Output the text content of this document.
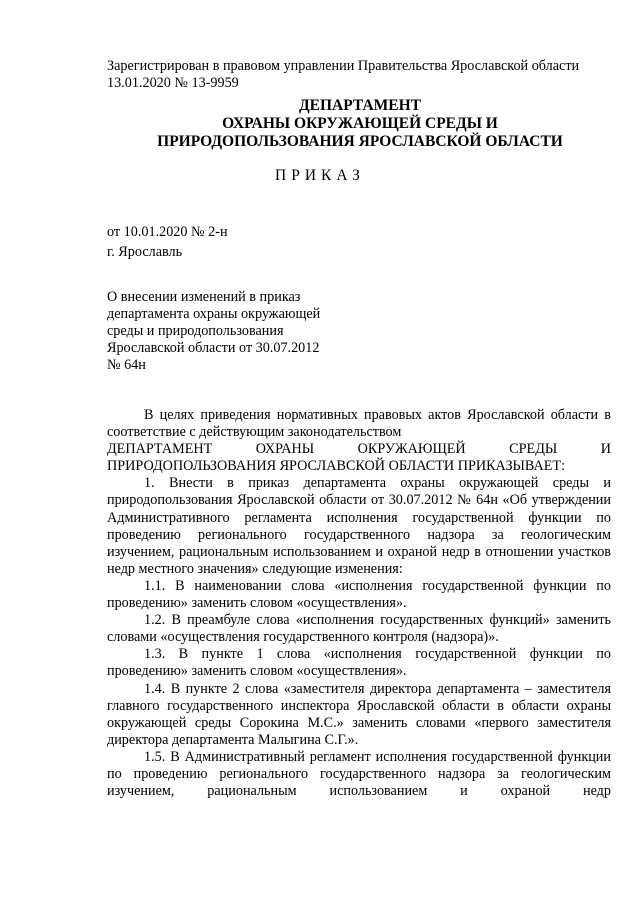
Зарегистрирован в правовом управлении Правительства Ярославской области
13.01.2020 № 13-9959
ДЕПАРТАМЕНТ
ОХРАНЫ ОКРУЖАЮЩЕЙ СРЕДЫ И
ПРИРОДОПОЛЬЗОВАНИЯ ЯРОСЛАВСКОЙ ОБЛАСТИ
ПРИКАЗ
от 10.01.2020 № 2-н
г. Ярославль
О внесении изменений в приказ
департамента охраны окружающей
среды и природопользования
Ярославской области от 30.07.2012
№ 64н

В целях приведения нормативных правовых актов Ярославской области в соответствие с действующим законодательством

ДЕПАРТАМЕНТ ОХРАНЫ ОКРУЖАЮЩЕЙ СРЕДЫ И ПРИРОДОПОЛЬЗОВАНИЯ ЯРОСЛАВСКОЙ ОБЛАСТИ ПРИКАЗЫВАЕТ:

1. Внести в приказ департамента охраны окружающей среды и природопользования Ярославской области от 30.07.2012 № 64н «Об утверждении Административного регламента исполнения государственной функции по проведению регионального государственного надзора за геологическим изучением, рациональным использованием и охраной недр в отношении участков недр местного значения» следующие изменения:

1.1. В наименовании слова «исполнения государственной функции по проведению» заменить словом «осуществления».

1.2. В преамбуле слова «исполнения государственных функций» заменить словами «осуществления государственного контроля (надзора)».

1.3. В пункте 1 слова «исполнения государственной функции по проведению» заменить словом «осуществления».

1.4. В пункте 2 слова «заместителя директора департамента – заместителя главного государственного инспектора Ярославской области в области охраны окружающей среды Сорокина М.С.» заменить словами «первого заместителя директора департамента Малыгина С.Г.».

1.5. В Административный регламент исполнения государственной функции по проведению регионального государственного надзора за геологическим изучением, рациональным использованием и охраной недр
